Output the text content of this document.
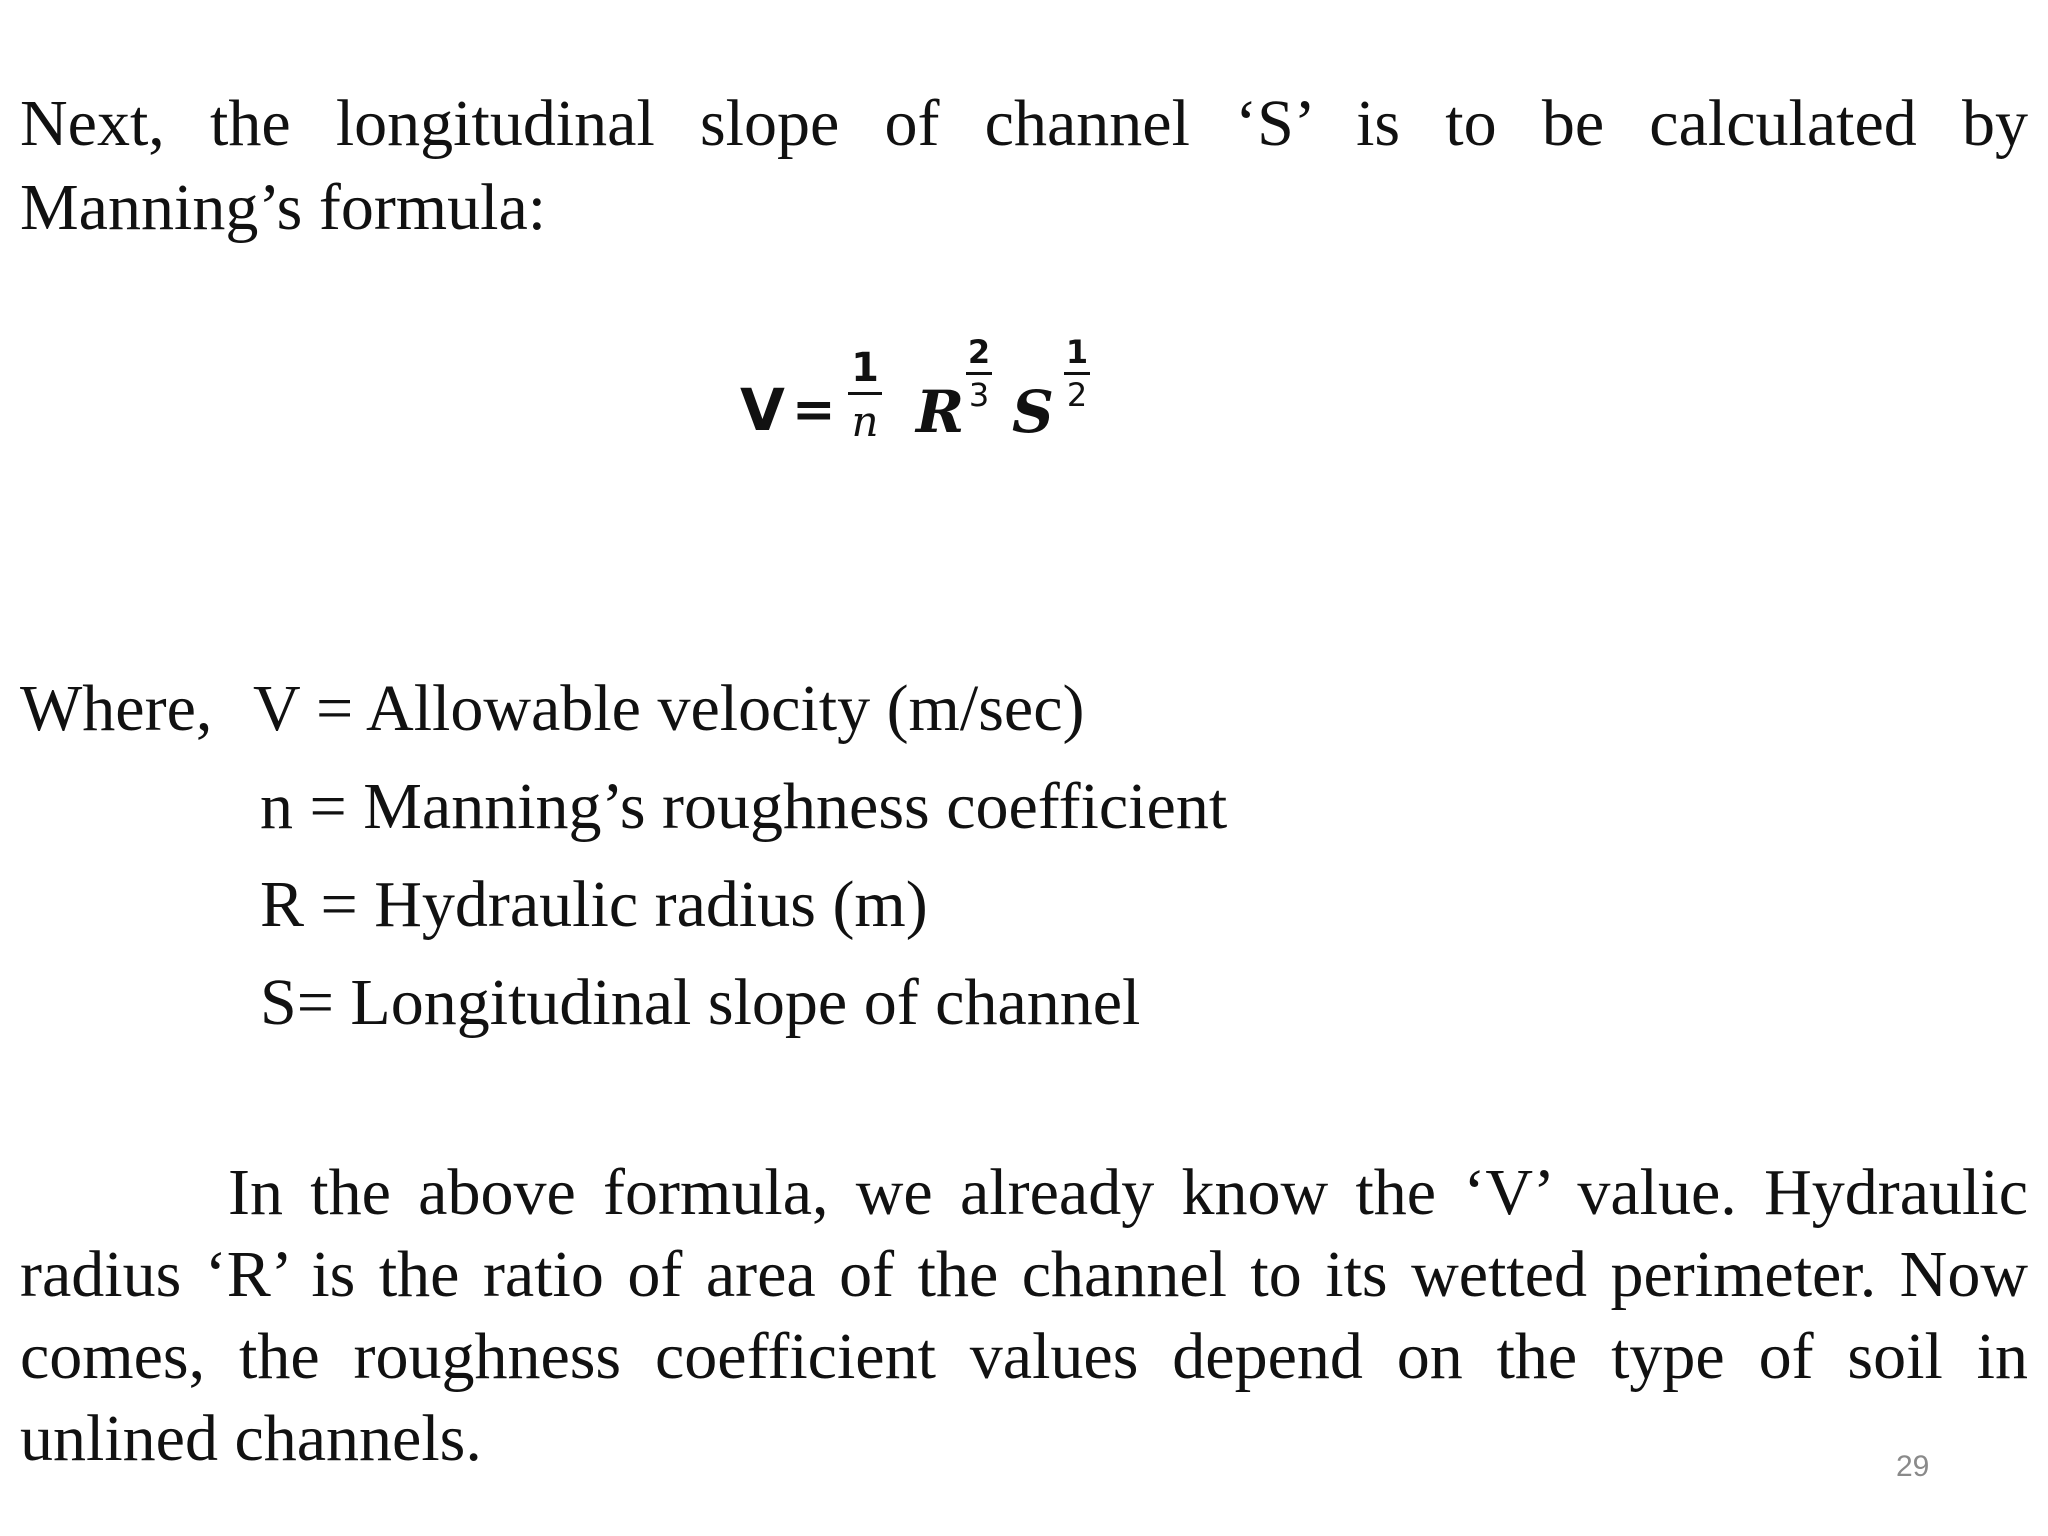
Next, the longitudinal slope of channel ‘S’ is to be calculated by
Manning’s formula:
V =
1
n R
2
3 S
1
2
Where, V = Allowable velocity (m/sec)
n = Manning’s roughness coefficient
R = Hydraulic radius (m)
S= Longitudinal slope of channel
In the above formula, we already know the ‘V’ value. Hydraulic
radius ‘R’ is the ratio of area of the channel to its wetted perimeter. Now
comes, the roughness coefficient values depend on the type of soil in
unlined channels.	29
